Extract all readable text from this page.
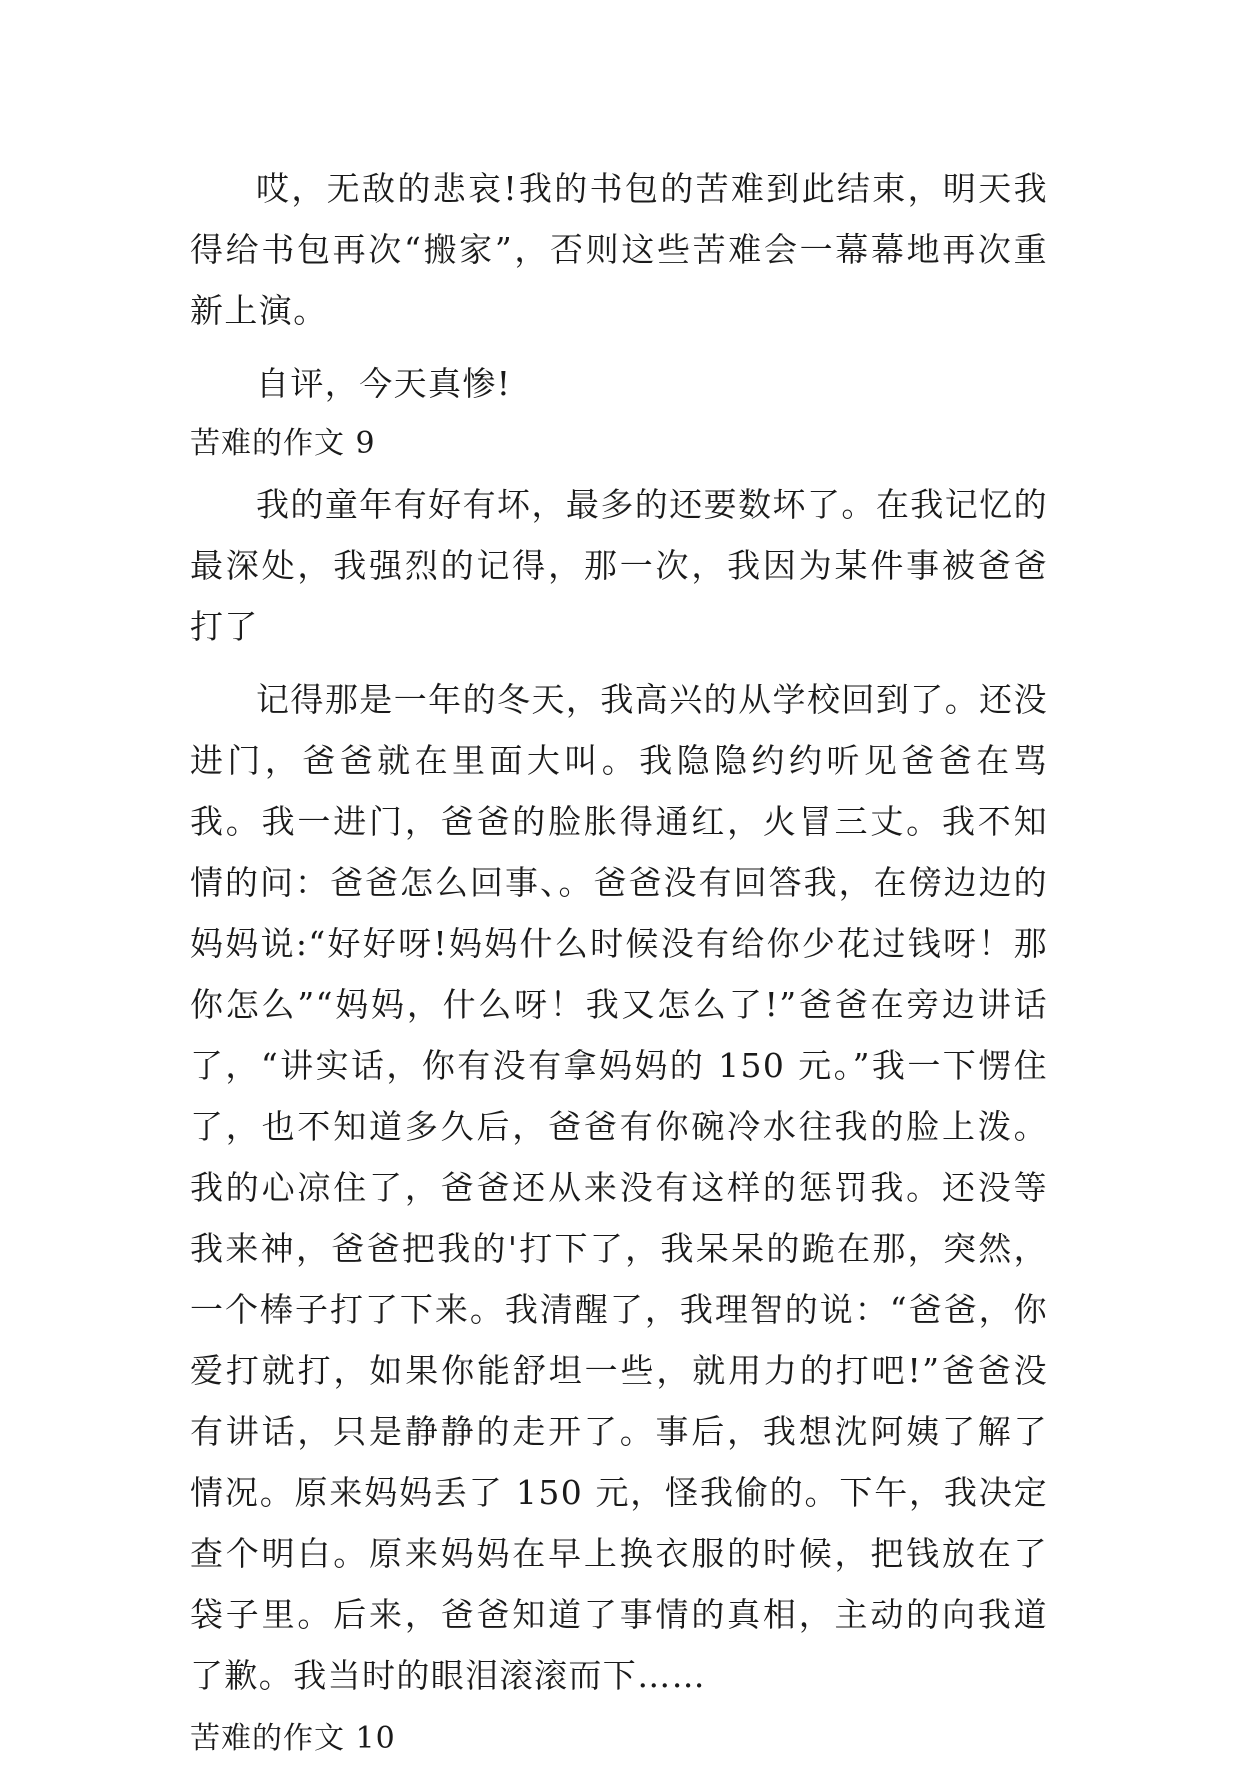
哎，无敌的悲哀!我的书包的苦难到此结束，明天我得给书包再次“搬家”，否则这些苦难会一幕幕地再次重新上演。

自评，今天真惨!

苦难的作文 9

我的童年有好有坏，最多的还要数坏了。在我记忆的最深处，我强烈的记得，那一次，我因为某件事被爸爸打了

记得那是一年的冬天，我高兴的从学校回到了。还没进门，爸爸就在里面大叫。我隐隐约约听见爸爸在骂我。我一进门，爸爸的脸胀得通红，火冒三丈。我不知情的问：爸爸怎么回事、。爸爸没有回答我，在傍边边的妈妈说:“好好呀!妈妈什么时候没有给你少花过钱呀！那你怎么”“妈妈，什么呀！我又怎么了!”爸爸在旁边讲话了，“讲实话，你有没有拿妈妈的 150 元。”我一下愣住了，也不知道多久后，爸爸有你碗冷水往我的脸上泼。我的心凉住了，爸爸还从来没有这样的惩罚我。还没等我来神，爸爸把我的'打下了，我呆呆的跪在那，突然，一个棒子打了下来。我清醒了，我理智的说：“爸爸，你爱打就打，如果你能舒坦一些，就用力的打吧!”爸爸没有讲话，只是静静的走开了。事后，我想沈阿姨了解了情况。原来妈妈丢了 150 元，怪我偷的。下午，我决定查个明白。原来妈妈在早上换衣服的时候，把钱放在了袋子里。后来，爸爸知道了事情的真相，主动的向我道了歉。我当时的眼泪滚滚而下……

苦难的作文 10
